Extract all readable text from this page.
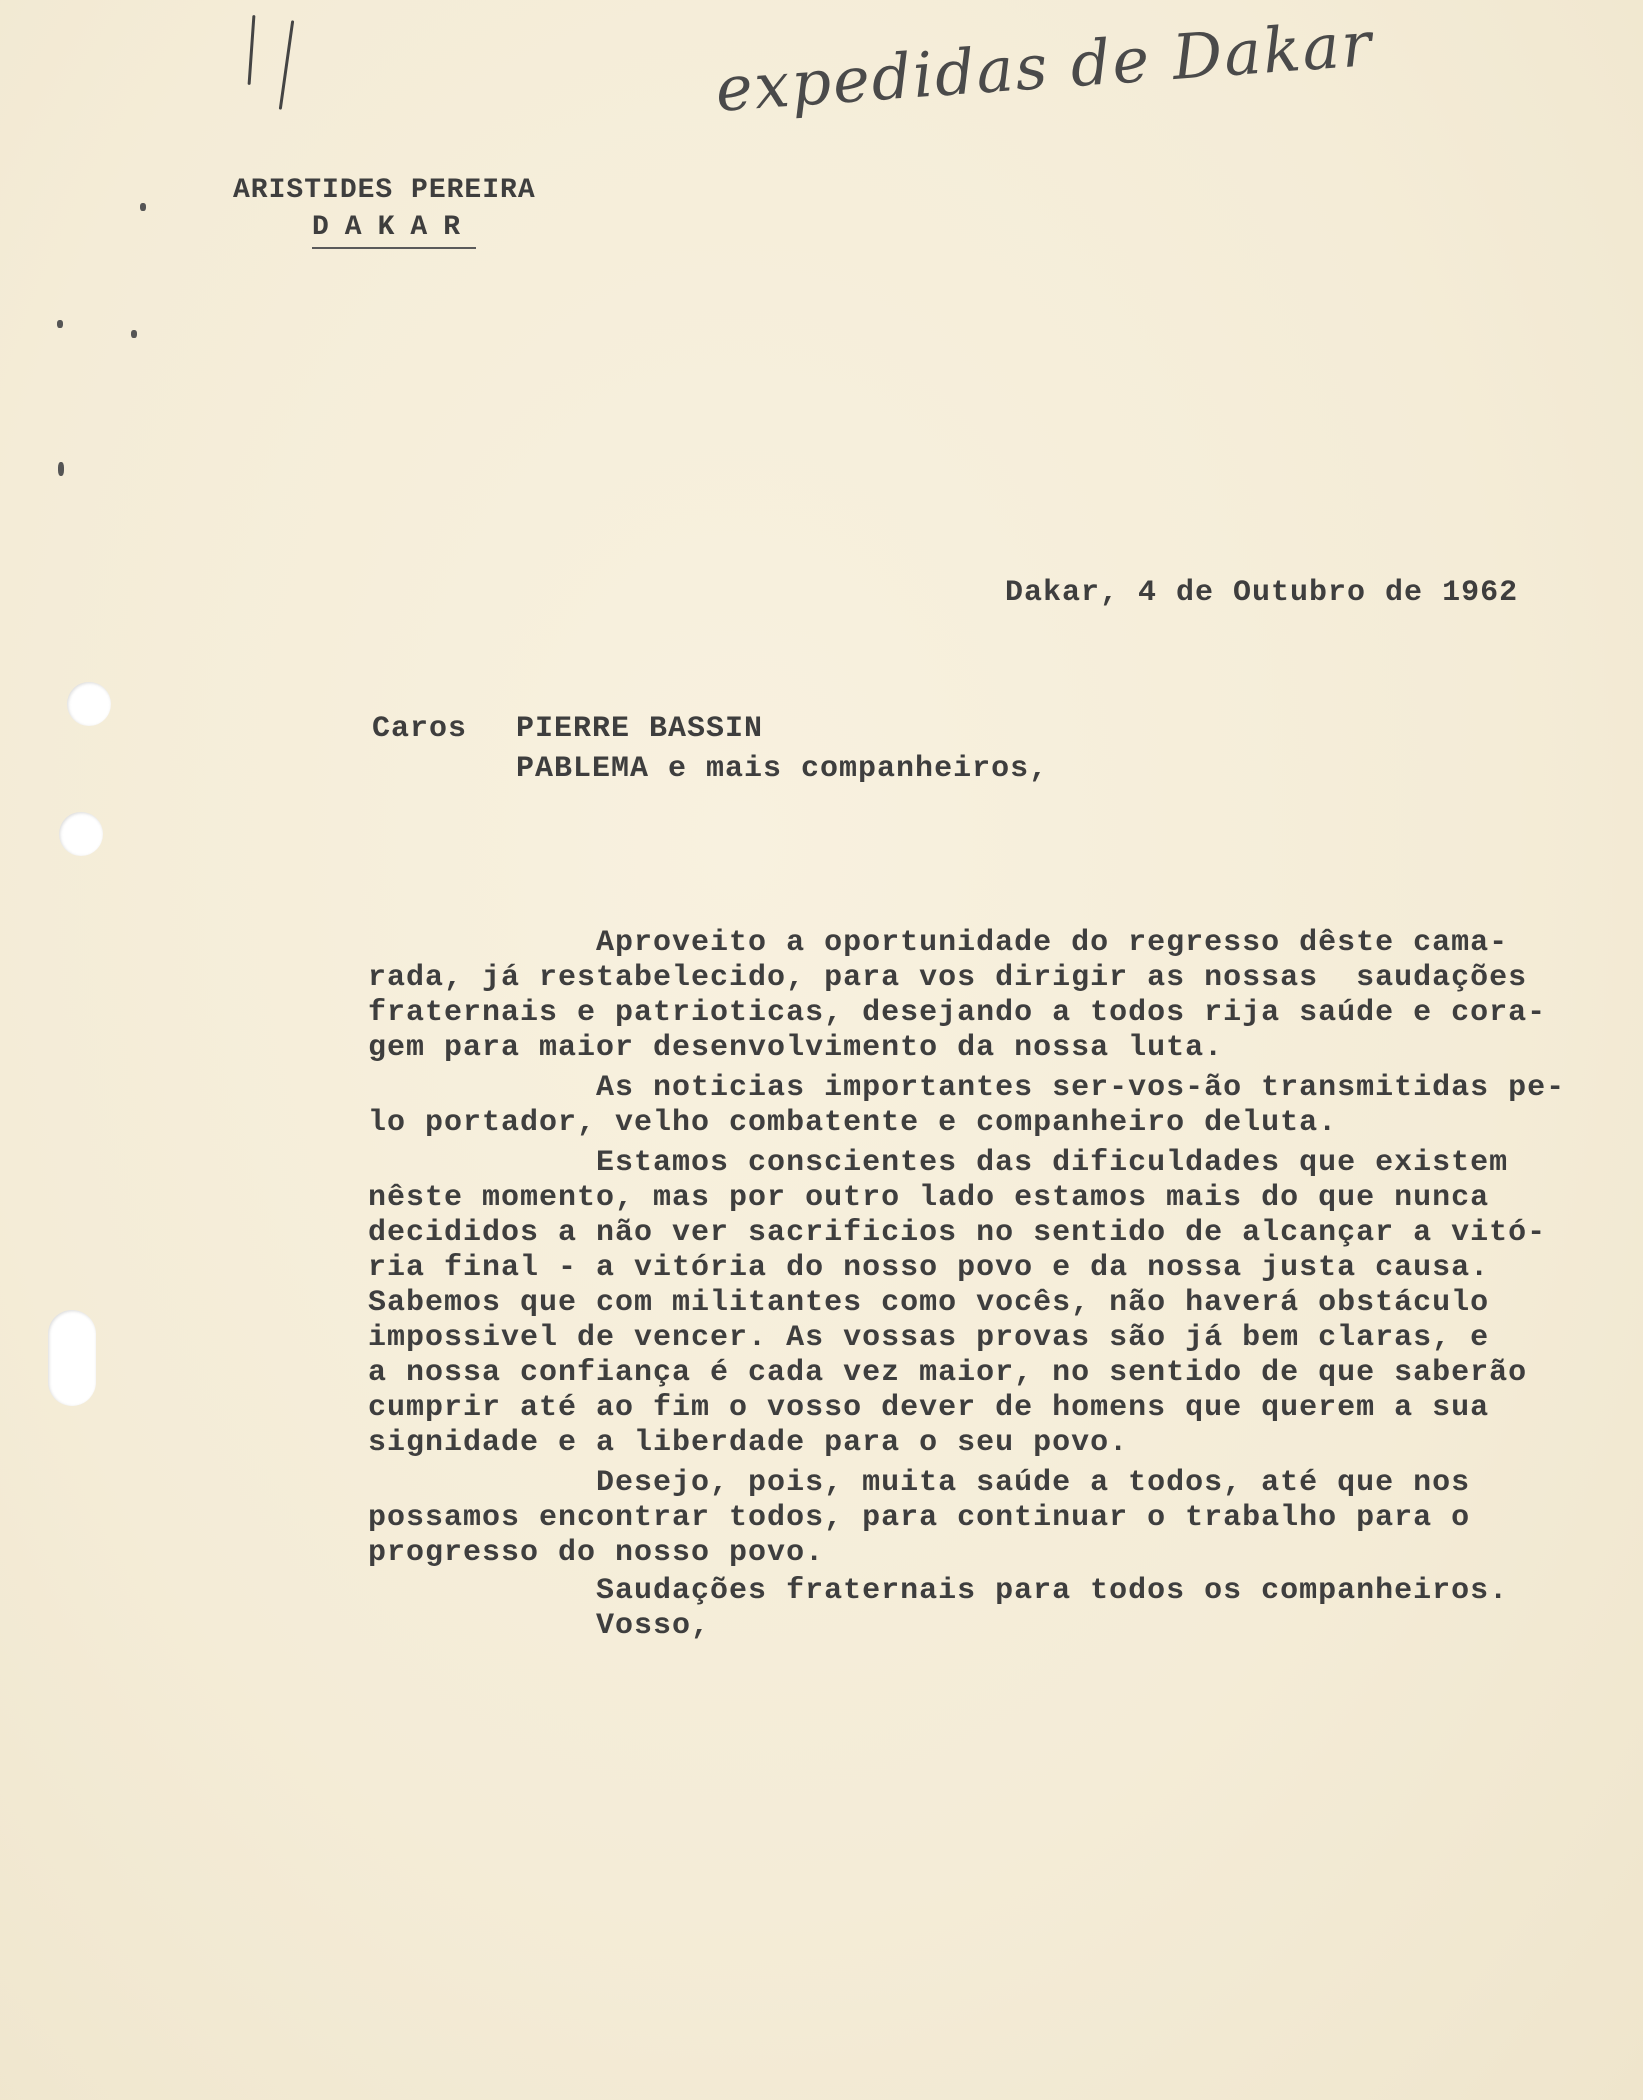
expedidas de Dakar
ARISTIDES PEREIRA
DAKAR
Dakar, 4 de Outubro de 1962
Caros PIERRE BASSIN
PABLEMA e mais companheiros,
Aproveito a oportunidade do regresso dêste cama-
rada, já restabelecido, para vos dirigir as nossas  saudações
fraternais e patrioticas, desejando a todos rija saúde e cora-
gem para maior desenvolvimento da nossa luta.
As noticias importantes ser-vos-ão transmitidas pe-
lo portador, velho combatente e companheiro deluta.
Estamos conscientes das dificuldades que existem
nêste momento, mas por outro lado estamos mais do que nunca
decididos a não ver sacrificios no sentido de alcançar a vitó-
ria final - a vitória do nosso povo e da nossa justa causa.
Sabemos que com militantes como vocês, não haverá obstáculo
impossivel de vencer. As vossas provas são já bem claras, e
a nossa confiança é cada vez maior, no sentido de que saberão
cumprir até ao fim o vosso dever de homens que querem a sua
signidade e a liberdade para o seu povo.
Desejo, pois, muita saúde a todos, até que nos
possamos encontrar todos, para continuar o trabalho para o
progresso do nosso povo.
Saudações fraternais para todos os companheiros.
Vosso,
